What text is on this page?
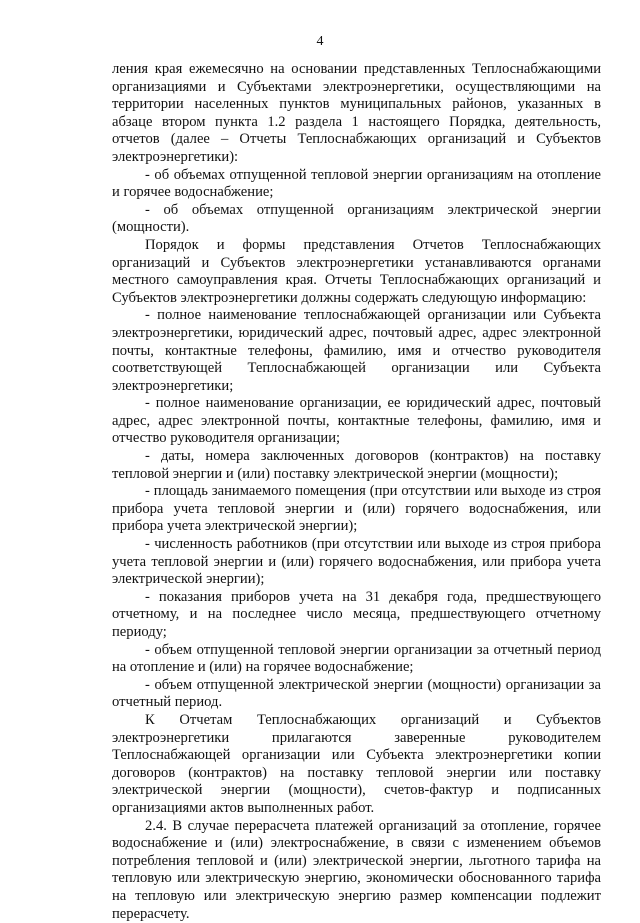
4

ления края ежемесячно на основании представленных Теплоснабжающими организациями и Субъектами электроэнергетики, осуществляющими на территории населенных пунктов муниципальных районов, указанных в абзаце втором пункта 1.2 раздела 1 настоящего Порядка, деятельность, отчетов (далее – Отчеты Теплоснабжающих организаций и Субъектов электроэнергетики):

- об объемах отпущенной тепловой энергии организациям на отопление и горячее водоснабжение;

- об объемах отпущенной организациям электрической энергии (мощности).

Порядок и формы представления Отчетов Теплоснабжающих организаций и Субъектов электроэнергетики устанавливаются органами местного самоуправления края. Отчеты Теплоснабжающих организаций и Субъектов электроэнергетики должны содержать следующую информацию:

- полное наименование теплоснабжающей организации или Субъекта электроэнергетики, юридический адрес, почтовый адрес, адрес электронной почты, контактные телефоны, фамилию, имя и отчество руководителя соответствующей Теплоснабжающей организации или Субъекта электроэнергетики;

- полное наименование организации, ее юридический адрес, почтовый адрес, адрес электронной почты, контактные телефоны, фамилию, имя и отчество руководителя организации;

- даты, номера заключенных договоров (контрактов) на поставку тепловой энергии и (или) поставку электрической энергии (мощности);

- площадь занимаемого помещения (при отсутствии или выходе из строя прибора учета тепловой энергии и (или) горячего водоснабжения, или прибора учета электрической энергии);

- численность работников (при отсутствии или выходе из строя прибора учета тепловой энергии и (или) горячего водоснабжения, или прибора учета электрической энергии);

- показания приборов учета на 31 декабря года, предшествующего отчетному, и на последнее число месяца, предшествующего отчетному периоду;

- объем отпущенной тепловой энергии организации за отчетный период на отопление и (или) на горячее водоснабжение;

- объем отпущенной электрической энергии (мощности) организации за отчетный период.

К Отчетам Теплоснабжающих организаций и Субъектов электроэнергетики прилагаются заверенные руководителем Теплоснабжающей организации или Субъекта электроэнергетики копии договоров (контрактов) на поставку тепловой энергии или поставку электрической энергии (мощности), счетов-фактур и подписанных организациями актов выполненных работ.

2.4. В случае перерасчета платежей организаций за отопление, горячее водоснабжение и (или) электроснабжение, в связи с изменением объемов потребления тепловой и (или) электрической энергии, льготного тарифа на тепловую или электрическую энергию, экономически обоснованного тарифа на тепловую или электрическую энергию размер компенсации подлежит перерасчету.
